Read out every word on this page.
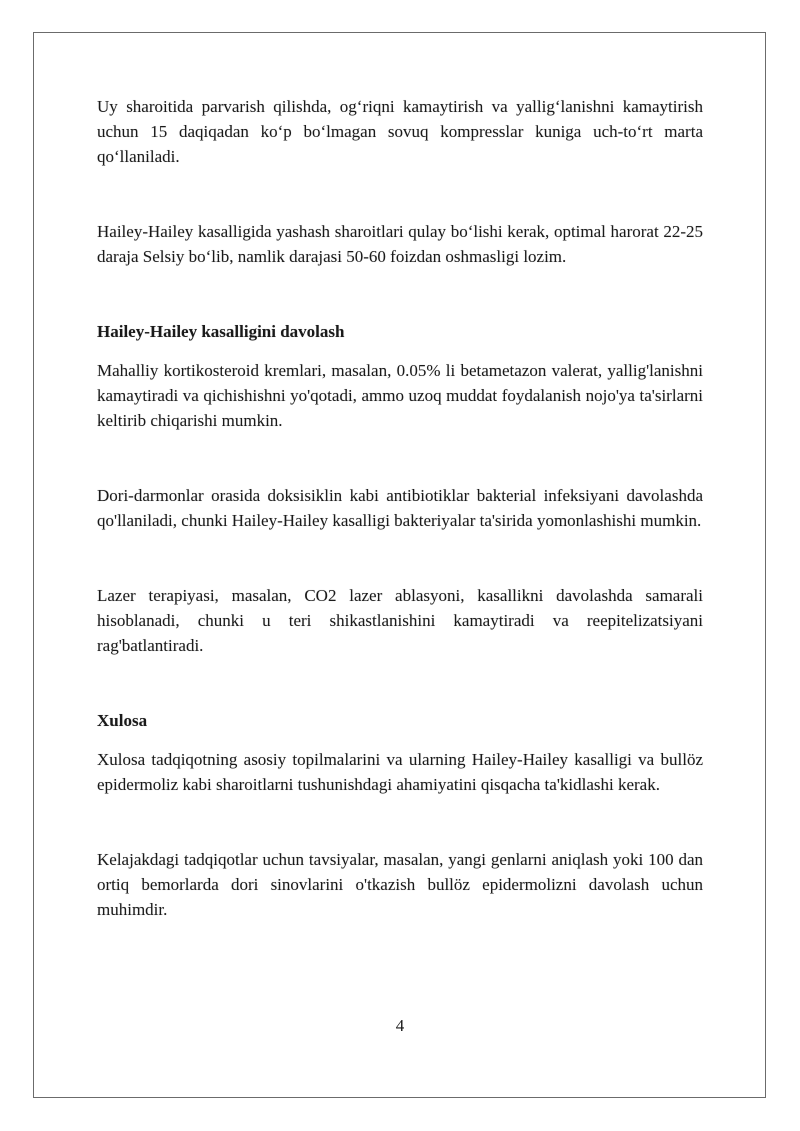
Uy sharoitida parvarish qilishda, og‘riqni kamaytirish va yallig‘lanishni kamaytirish uchun 15 daqiqadan ko‘p bo‘lmagan sovuq kompresslar kuniga uch-to‘rt marta qo‘llaniladi.

Hailey-Hailey kasalligida yashash sharoitlari qulay bo‘lishi kerak, optimal harorat 22-25 daraja Selsiy bo‘lib, namlik darajasi 50-60 foizdan oshmasligi lozim.

Hailey-Hailey kasalligini davolash

Mahalliy kortikosteroid kremlari, masalan, 0.05% li betametazon valerat, yallig'lanishni kamaytiradi va qichishishni yo'qotadi, ammo uzoq muddat foydalanish nojo'ya ta'sirlarni keltirib chiqarishi mumkin.

Dori-darmonlar orasida doksisiklin kabi antibiotiklar bakterial infeksiyani davolashda qo'llaniladi, chunki Hailey-Hailey kasalligi bakteriyalar ta'sirida yomonlashishi mumkin.

Lazer terapiyasi, masalan, CO2 lazer ablasyoni, kasallikni davolashda samarali hisoblanadi, chunki u teri shikastlanishini kamaytiradi va reepitelizatsiyani rag'batlantiradi.

Xulosa

Xulosa tadqiqotning asosiy topilmalarini va ularning Hailey-Hailey kasalligi va bullöz epidermoliz kabi sharoitlarni tushunishdagi ahamiyatini qisqacha ta'kidlashi kerak.

Kelajakdagi tadqiqotlar uchun tavsiyalar, masalan, yangi genlarni aniqlash yoki 100 dan ortiq bemorlarda dori sinovlarini o'tkazish bullöz epidermolizni davolash uchun muhimdir.

4
